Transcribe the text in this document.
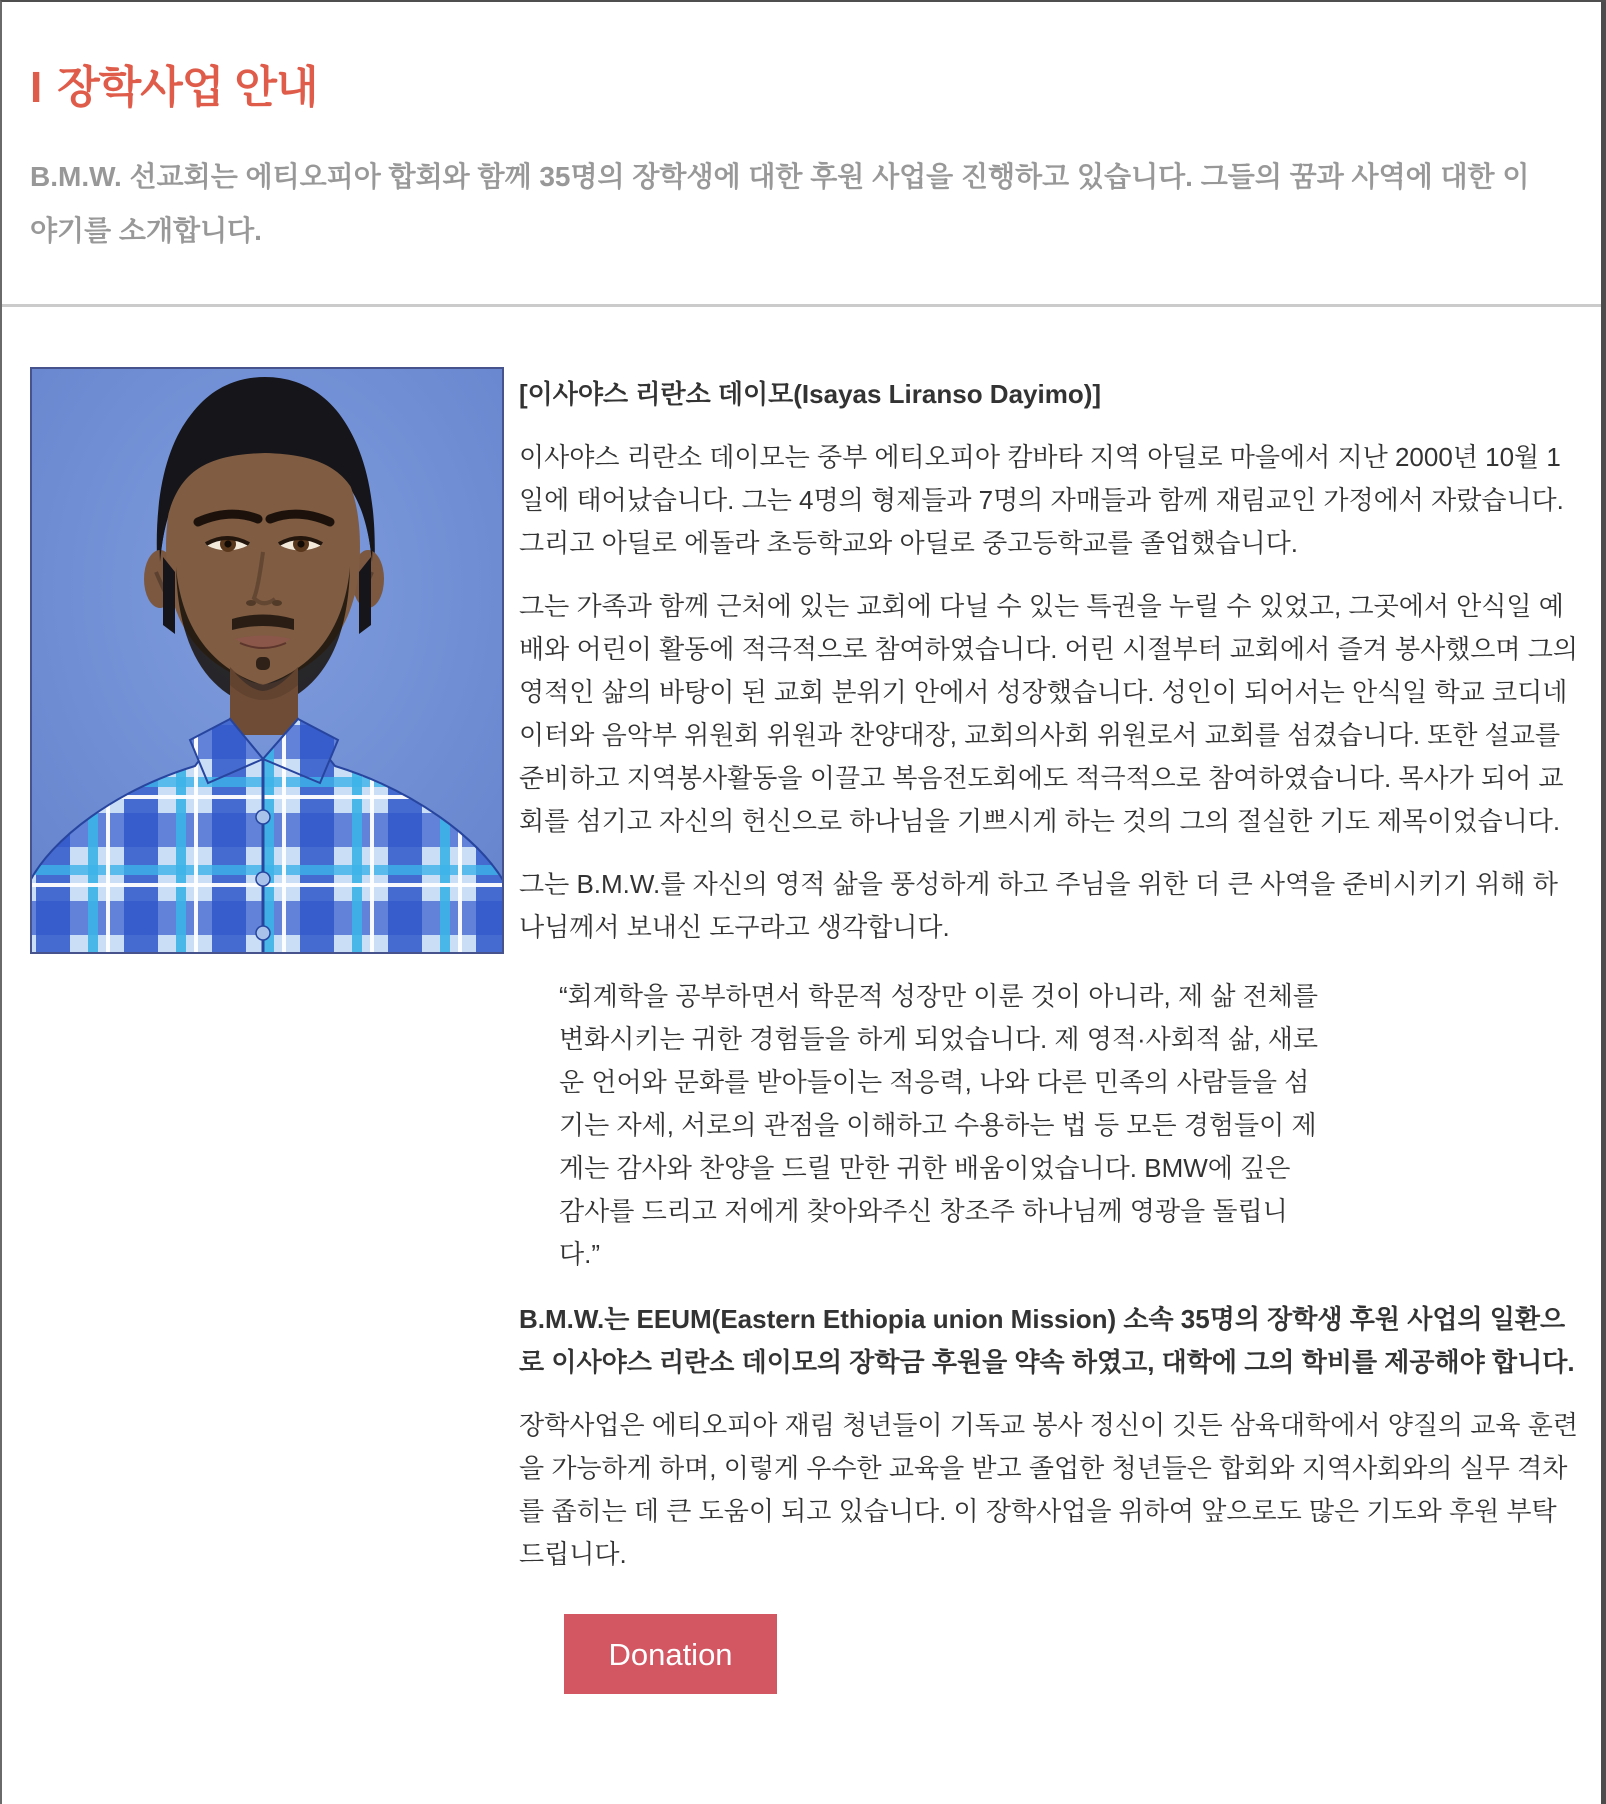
I 장학사업 안내

B.M.W. 선교회는 에티오피아 합회와 함께 35명의 장학생에 대한 후원 사업을 진행하고 있습니다. 그들의 꿈과 사역에 대한 이야기를 소개합니다.

[이사야스 리란소 데이모(Isayas Liranso Dayimo)]

이사야스 리란소 데이모는 중부 에티오피아 캄바타 지역 아딜로 마을에서 지난 2000년 10월 1일에 태어났습니다. 그는 4명의 형제들과 7명의 자매들과 함께 재림교인 가정에서 자랐습니다. 그리고 아딜로 에돌라 초등학교와 아딜로 중고등학교를 졸업했습니다.

그는 가족과 함께 근처에 있는 교회에 다닐 수 있는 특권을 누릴 수 있었고, 그곳에서 안식일 예배와 어린이 활동에 적극적으로 참여하였습니다. 어린 시절부터 교회에서 즐겨 봉사했으며 그의 영적인 삶의 바탕이 된 교회 분위기 안에서 성장했습니다. 성인이 되어서는 안식일 학교 코디네이터와 음악부 위원회 위원과 찬양대장, 교회의사회 위원로서 교회를 섬겼습니다. 또한 설교를 준비하고 지역봉사활동을 이끌고 복음전도회에도 적극적으로 참여하였습니다. 목사가 되어 교회를 섬기고 자신의 헌신으로 하나님을 기쁘시게 하는 것의 그의 절실한 기도 제목이었습니다.

그는 B.M.W.를 자신의 영적 삶을 풍성하게 하고 주님을 위한 더 큰 사역을 준비시키기 위해 하나님께서 보내신 도구라고 생각합니다.

“회계학을 공부하면서 학문적 성장만 이룬 것이 아니라, 제 삶 전체를 변화시키는 귀한 경험들을 하게 되었습니다. 제 영적·사회적 삶, 새로운 언어와 문화를 받아들이는 적응력, 나와 다른 민족의 사람들을 섬기는 자세, 서로의 관점을 이해하고 수용하는 법 등 모든 경험들이 제게는 감사와 찬양을 드릴 만한 귀한 배움이었습니다. BMW에 깊은 감사를 드리고 저에게 찾아와주신 창조주 하나님께 영광을 돌립니다.”

B.M.W.는 EEUM(Eastern Ethiopia union Mission) 소속 35명의 장학생 후원 사업의 일환으로 이사야스 리란소 데이모의 장학금 후원을 약속 하였고, 대학에 그의 학비를 제공해야 합니다.

장학사업은 에티오피아 재림 청년들이 기독교 봉사 정신이 깃든 삼육대학에서 양질의 교육 훈련을 가능하게 하며, 이렇게 우수한 교육을 받고 졸업한 청년들은 합회와 지역사회와의 실무 격차를 좁히는 데 큰 도움이 되고 있습니다. 이 장학사업을 위하여 앞으로도 많은 기도와 후원 부탁드립니다.

Donation
